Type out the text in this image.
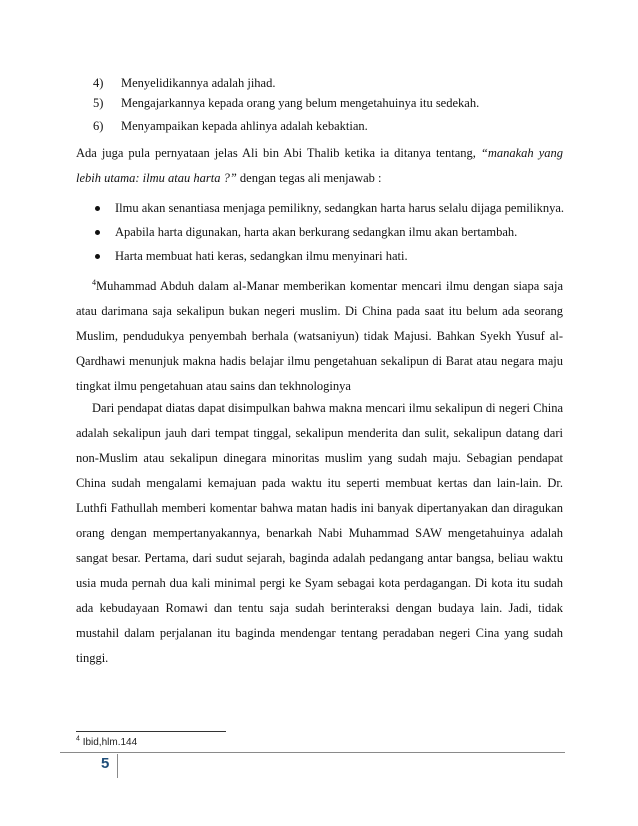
4) Menyelidikannya adalah jihad.
5) Mengajarkannya kepada orang yang belum mengetahuinya itu sedekah.
6) Menyampaikan kepada ahlinya adalah kebaktian.
Ada juga pula pernyataan jelas Ali bin Abi Thalib ketika ia ditanya tentang, “manakah yang lebih utama: ilmu atau harta ?” dengan tegas ali menjawab :
Ilmu akan senantiasa menjaga pemilikny, sedangkan harta harus selalu dijaga pemiliknya.
Apabila harta digunakan, harta akan berkurang sedangkan ilmu akan bertambah.
Harta membuat hati keras, sedangkan ilmu menyinari hati.
$^4$Muhammad Abduh dalam al-Manar memberikan komentar mencari ilmu dengan siapa saja atau darimana saja sekalipun bukan negeri muslim. Di China pada saat itu belum ada seorang Muslim, pendudukya penyembah berhala (watsaniyun) tidak Majusi. Bahkan Syekh Yusuf al-Qardhawi menunjuk makna hadis belajar ilmu pengetahuan sekalipun di Barat atau negara maju tingkat ilmu pengetahuan atau sains dan tekhnologinya
Dari pendapat diatas dapat disimpulkan bahwa makna mencari ilmu sekalipun di negeri China adalah sekalipun jauh dari tempat tinggal, sekalipun menderita dan sulit, sekalipun datang dari non-Muslim atau sekalipun dinegara minoritas muslim yang sudah maju. Sebagian pendapat China sudah mengalami kemajuan pada waktu itu seperti membuat kertas dan lain-lain. Dr. Luthfi Fathullah memberi komentar bahwa matan hadis ini banyak dipertanyakan dan diragukan orang dengan mempertanyakannya, benarkah Nabi Muhammad SAW mengetahuinya adalah sangat besar. Pertama, dari sudut sejarah, baginda adalah pedangang antar bangsa, beliau waktu usia muda pernah dua kali minimal pergi ke Syam sebagai kota perdagangan. Di kota itu sudah ada kebudayaan Romawi dan tentu saja sudah berinteraksi dengan budaya lain. Jadi, tidak mustahil dalam perjalanan itu baginda mendengar tentang peradaban negeri Cina yang sudah tinggi.
$^4$ Ibid,hlm.144
5
